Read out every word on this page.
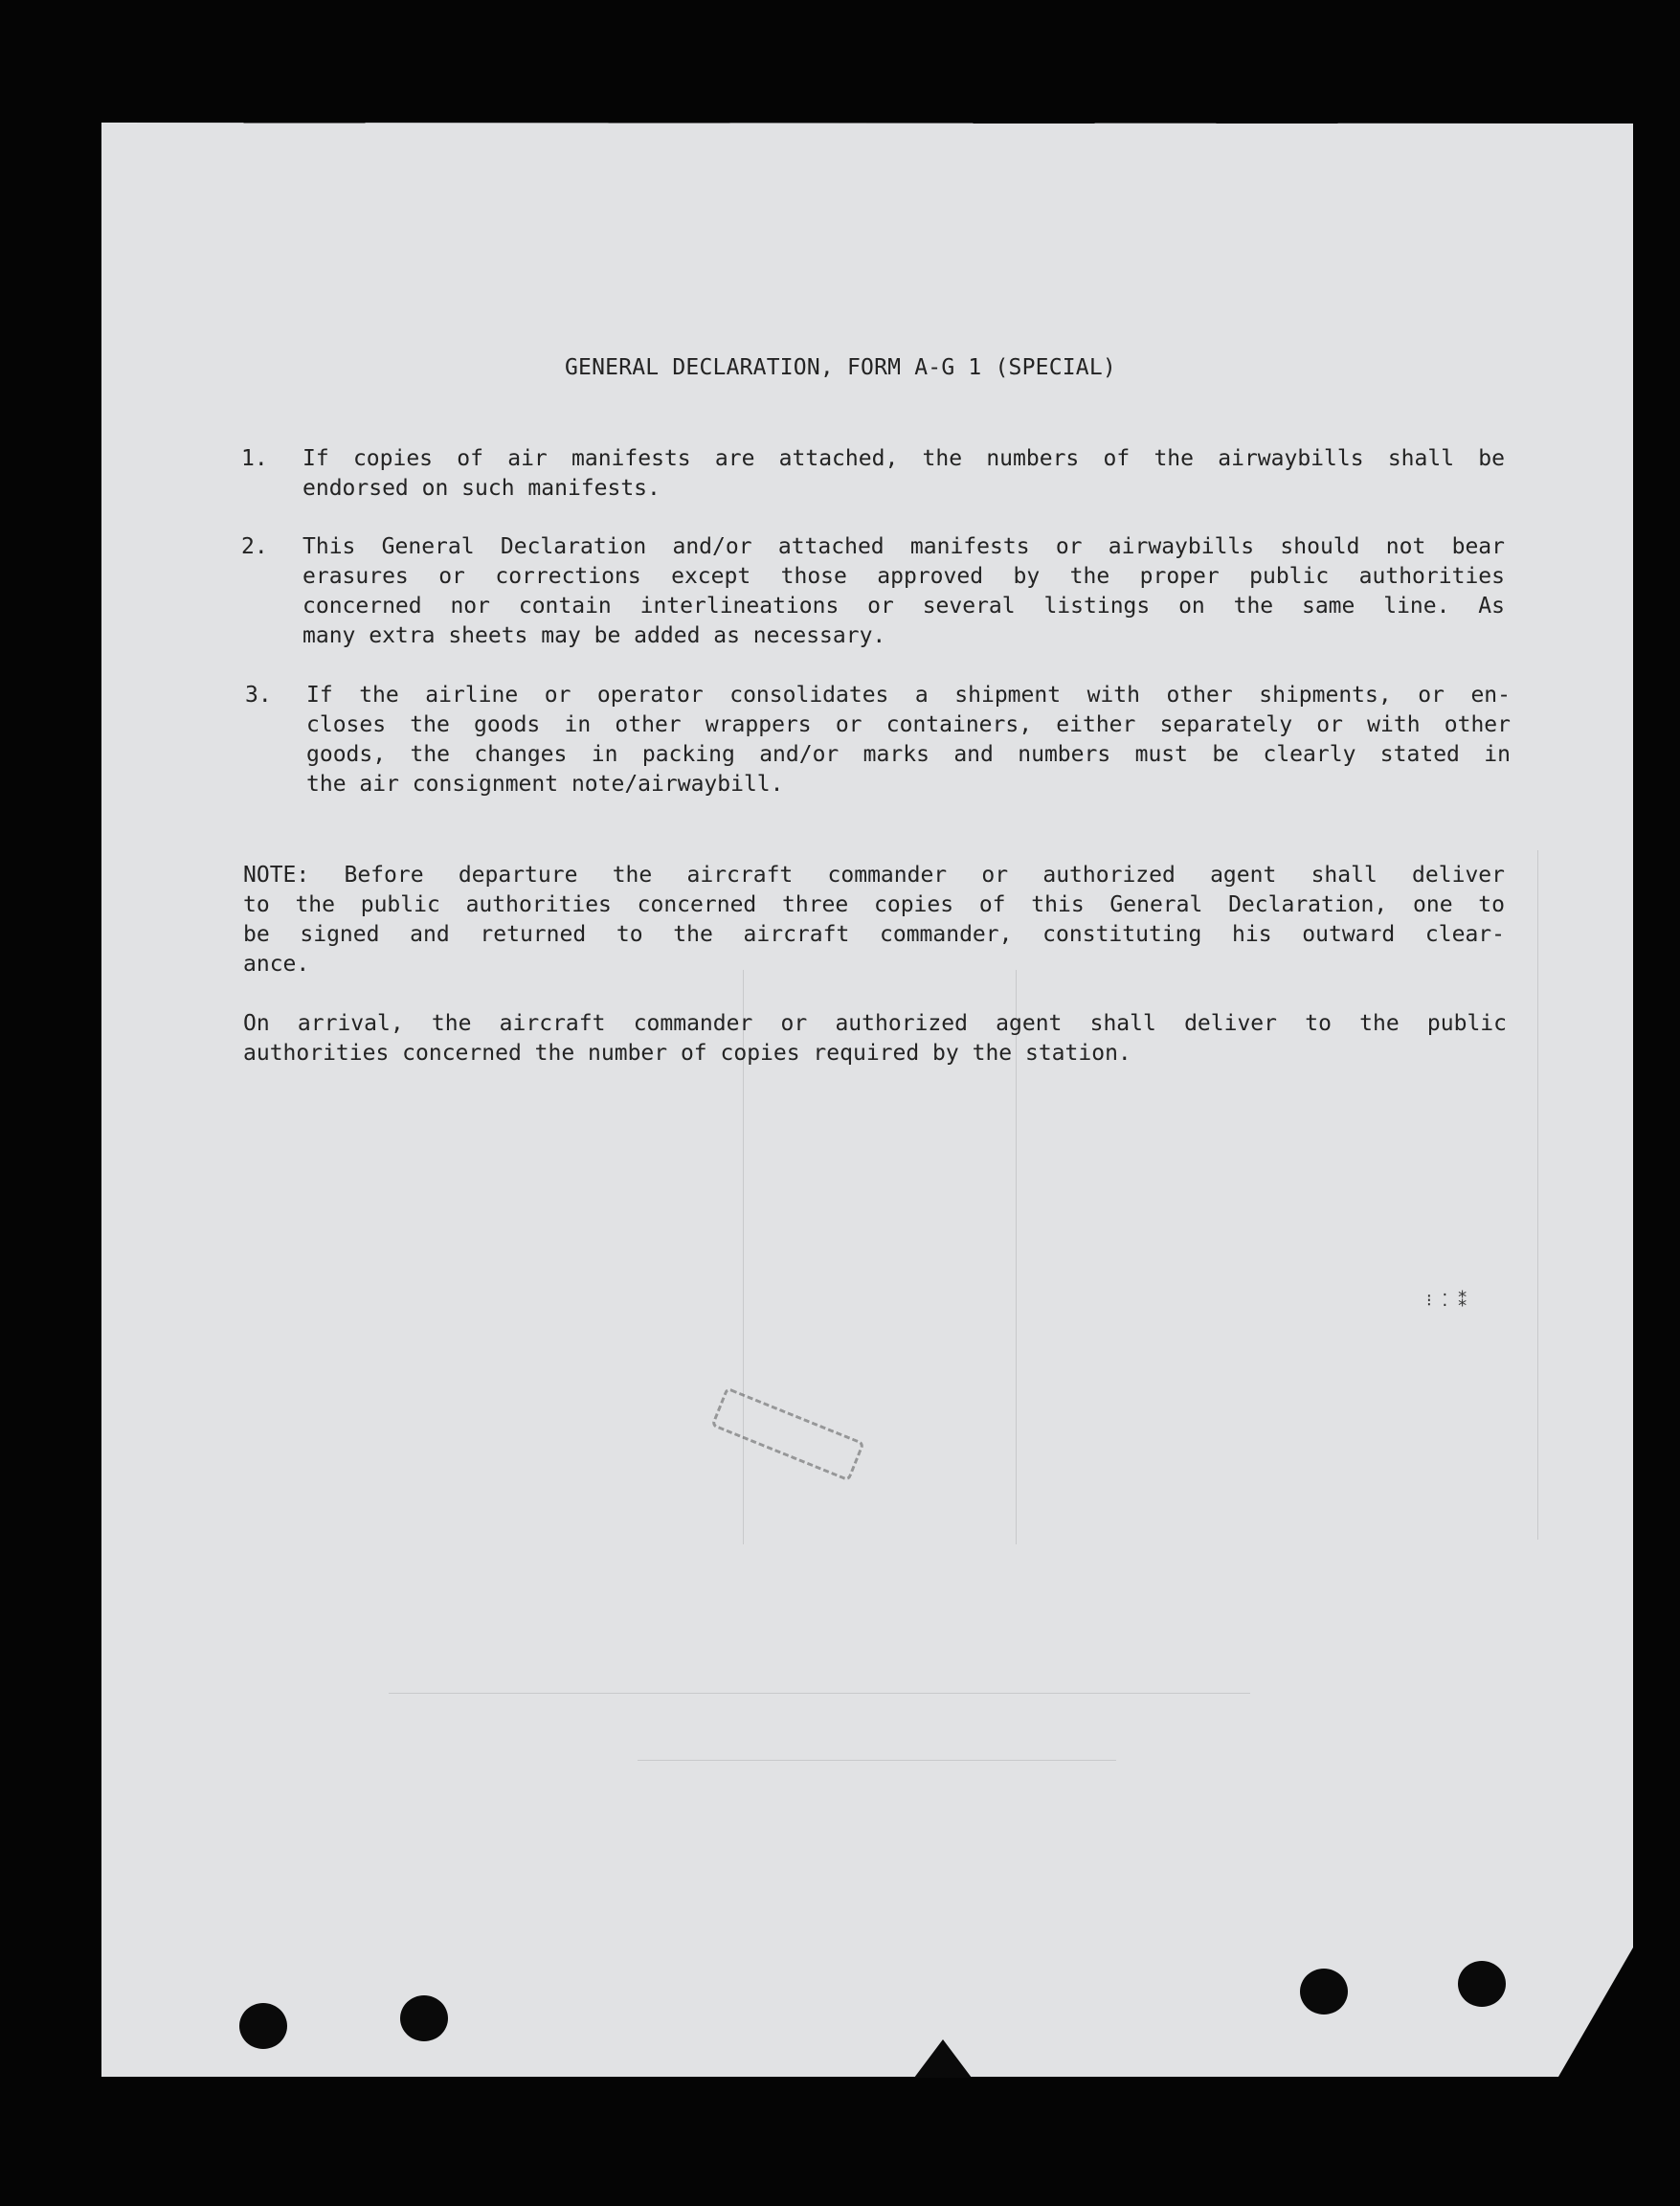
GENERAL DECLARATION, FORM A-G 1 (SPECIAL)
1. If copies of air manifests are attached, the numbers of the airwaybills shall be
endorsed on such manifests.
2. This General Declaration and/or attached manifests or airwaybills should not bear
erasures or corrections except those approved by the proper public authorities
concerned nor contain interlineations or several listings on the same line. As
many extra sheets may be added as necessary.
3. If the airline or operator consolidates a shipment with other shipments, or en-
closes the goods in other wrappers or containers, either separately or with other
goods, the changes in packing and/or marks and numbers must be clearly stated in
the air consignment note/airwaybill.
NOTE: Before departure the aircraft commander or authorized agent shall deliver
to the public authorities concerned three copies of this General Declaration, one to
be signed and returned to the aircraft commander, constituting his outward clear-
ance.
On arrival, the aircraft commander or authorized agent shall deliver to the public
authorities concerned the number of copies required by the station.
⁝ ⁚ ⁑
